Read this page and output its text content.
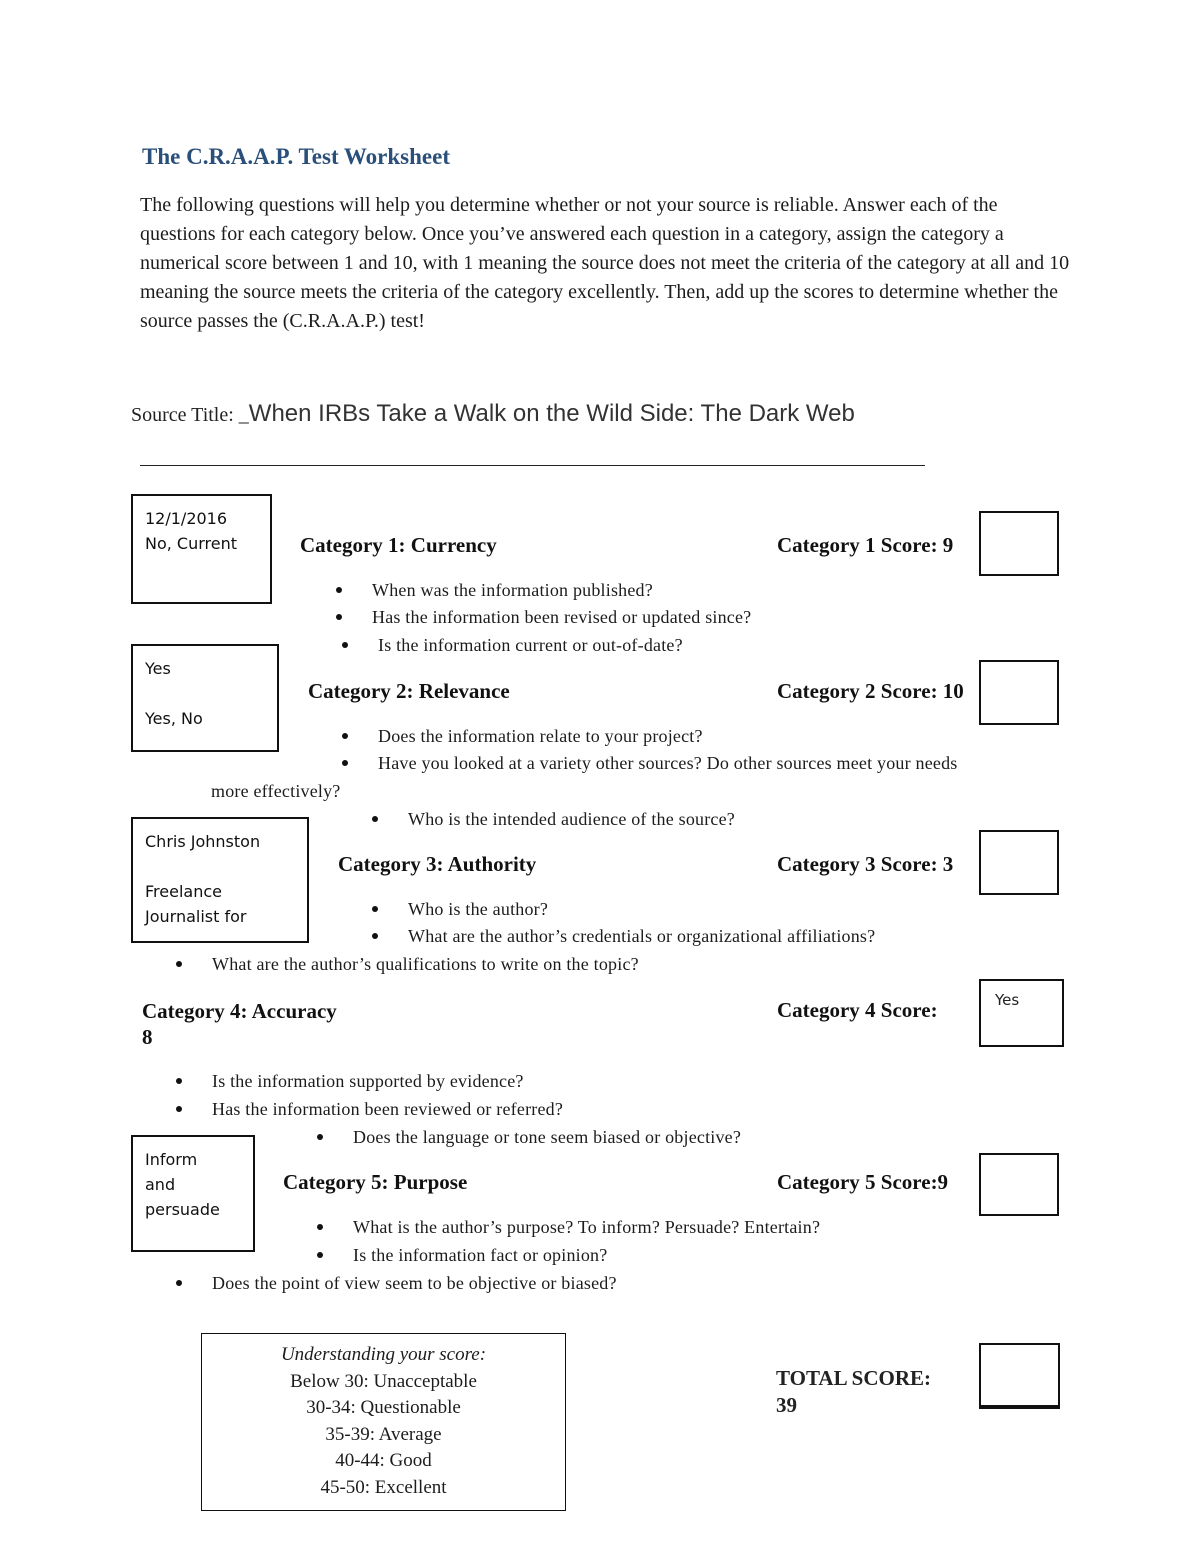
The C.R.A.A.P. Test Worksheet
The following questions will help you determine whether or not your source is reliable. Answer each of the questions for each category below. Once you’ve answered each question in a category, assign the category a numerical score between 1 and 10, with 1 meaning the source does not meet the criteria of the category at all and 10 meaning the source meets the criteria of the category excellently. Then, add up the scores to determine whether the source passes the (C.R.A.A.P.) test!
Source Title: _When IRBs Take a Walk on the Wild Side: The Dark Web
12/1/2016
No, Current	Category 1: Currency	Category 1 Score: 9
When was the information published?
Has the information been revised or updated since?
Is the information current or out-of-date?
Yes
Yes, No
Category 2: Relevance	Category 2 Score: 10
Does the information relate to your project?
Have you looked at a variety other sources? Do other sources meet your needs
more effectively?
Who is the intended audience of the source?
Chris Johnston
Freelance
Journalist for
Category 3: Authority	Category 3 Score: 3
Who is the author?
What are the author’s credentials or organizational affiliations?
What are the author’s qualifications to write on the topic?
Category 4: Accuracy
8
Category 4 Score:	Yes
Is the information supported by evidence?
Has the information been reviewed or referred?
Does the language or tone seem biased or objective?
Inform
and
persuade
Category 5: Purpose	Category 5 Score:9
What is the author’s purpose? To inform? Persuade? Entertain?
Is the information fact or opinion?
Does the point of view seem to be objective or biased?
Understanding your score:
Below 30: Unacceptable
30-34: Questionable
35-39: Average
40-44: Good
45-50: Excellent
TOTAL SCORE:
39
